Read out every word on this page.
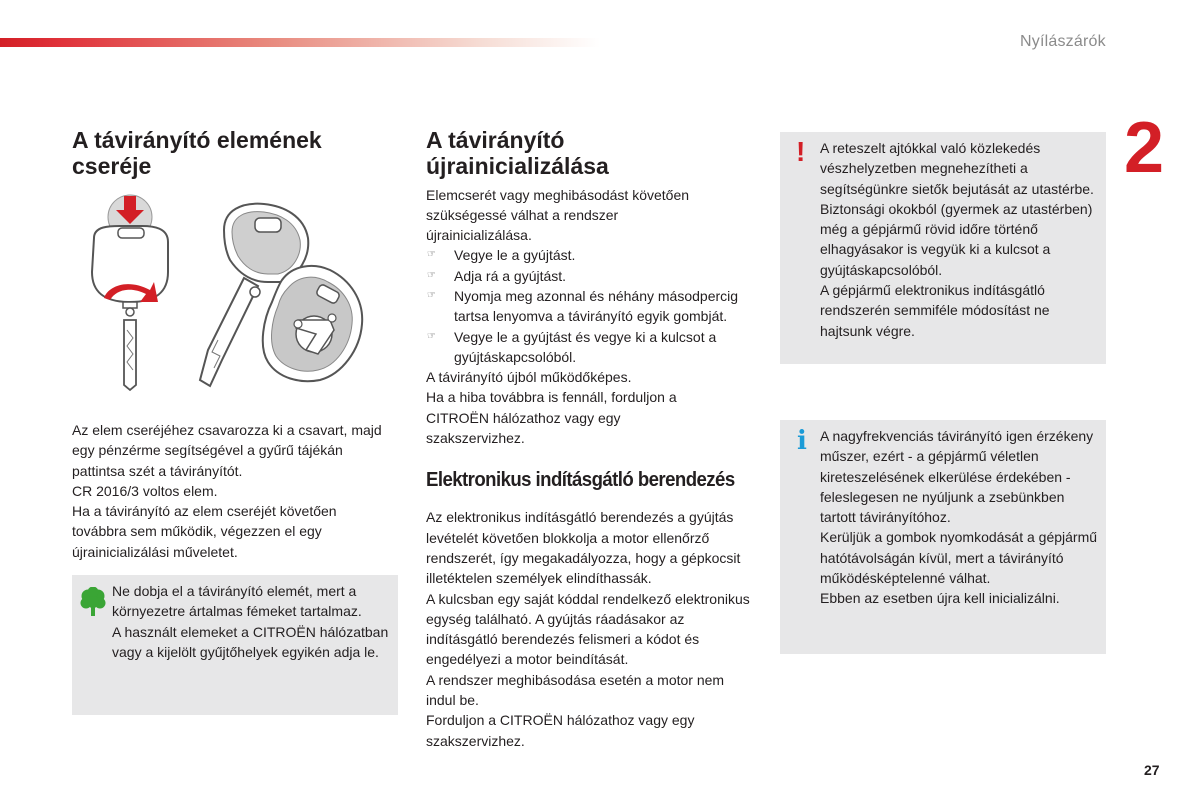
Nyílászárók
2
27
A távirányító elemének cseréje

Az elem cseréjéhez csavarozza ki a csavart, majd egy pénzérme segítségével a gyűrű tájékán pattintsa szét a távirányítót.

CR 2016/3 voltos elem.

Ha a távirányító az elem cseréjét követően továbbra sem működik, végezzen el egy újrainicializálási műveletet.

Ne dobja el a távirányító elemét, mert a környezetre ártalmas fémeket tartalmaz.

A használt elemeket a CITROËN hálózatban vagy a kijelölt gyűjtőhelyek egyikén adja le.

A távirányító újrainicializálása

Elemcserét vagy meghibásodást követően szükségessé válhat a rendszer újrainicializálása.

☞ Vegye le a gyújtást.
☞ Adja rá a gyújtást.
☞ Nyomja meg azonnal és néhány másodpercig tartsa lenyomva a távirányító egyik gombját.
☞ Vegye le a gyújtást és vegye ki a kulcsot a gyújtáskapcsolóból.

A távirányító újból működőképes.

Ha a hiba továbbra is fennáll, forduljon a CITROËN hálózathoz vagy egy szakszervizhez.

Elektronikus indításgátló berendezés

Az elektronikus indításgátló berendezés a gyújtás levételét követően blokkolja a motor ellenőrző rendszerét, így megakadályozza, hogy a gépkocsit illetéktelen személyek elindíthassák.

A kulcsban egy saját kóddal rendelkező elektronikus egység található. A gyújtás ráadásakor az indításgátló berendezés felismeri a kódot és engedélyezi a motor beindítását.

A rendszer meghibásodása esetén a motor nem indul be.

Forduljon a CITROËN hálózathoz vagy egy szakszervizhez.

! A reteszelt ajtókkal való közlekedés vészhelyzetben megnehezítheti a segítségünkre sietők bejutását az utastérbe.

Biztonsági okokból (gyermek az utastérben) még a gépjármű rövid időre történő elhagyásakor is vegyük ki a kulcsot a gyújtáskapcsolóból.

A gépjármű elektronikus indításgátló rendszerén semmiféle módosítást ne hajtsunk végre.

i A nagyfrekvenciás távirányító igen érzékeny műszer, ezért - a gépjármű véletlen kireteszelésének elkerülése érdekében - feleslegesen ne nyúljunk a zsebünkben tartott távirányítóhoz.

Kerüljük a gombok nyomkodását a gépjármű hatótávolságán kívül, mert a távirányító működésképtelenné válhat.

Ebben az esetben újra kell inicializálni.
